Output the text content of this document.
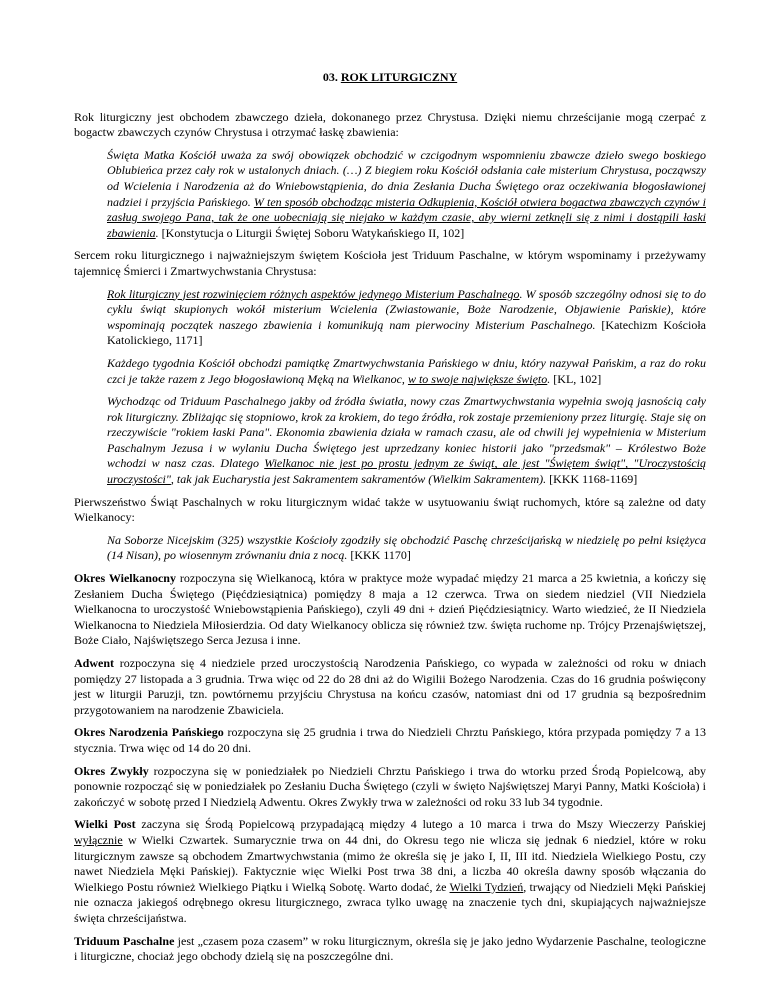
03. ROK LITURGICZNY

Rok liturgiczny jest obchodem zbawczego dzieła, dokonanego przez Chrystusa. Dzięki niemu chrześcijanie mogą czerpać z bogactw zbawczych czynów Chrystusa i otrzymać łaskę zbawienia:

Święta Matka Kościół uważa za swój obowiązek obchodzić w czcigodnym wspomnieniu zbawcze dzieło swego boskiego Oblubieńca przez cały rok w ustalonych dniach. (…) Z biegiem roku Kościół odsłania całe misterium Chrystusa, począwszy od Wcielenia i Narodzenia aż do Wniebowstąpienia, do dnia Zesłania Ducha Świętego oraz oczekiwania błogosławionej nadziei i przyjścia Pańskiego. W ten sposób obchodząc misteria Odkupienia, Kościół otwiera bogactwa zbawczych czynów i zasług swojego Pana, tak że one uobecniają się niejako w każdym czasie, aby wierni zetknęli się z nimi i dostąpili łaski zbawienia. [Konstytucja o Liturgii Świętej Soboru Watykańskiego II, 102]

Sercem roku liturgicznego i najważniejszym świętem Kościoła jest Triduum Paschalne, w którym wspominamy i przeżywamy tajemnicę Śmierci i Zmartwychwstania Chrystusa:

Rok liturgiczny jest rozwinięciem różnych aspektów jedynego Misterium Paschalnego. W sposób szczególny odnosi się to do cyklu świąt skupionych wokół misterium Wcielenia (Zwiastowanie, Boże Narodzenie, Objawienie Pańskie), które wspominają początek naszego zbawienia i komunikują nam pierwociny Misterium Paschalnego. [Katechizm Kościoła Katolickiego, 1171]

Każdego tygodnia Kościół obchodzi pamiątkę Zmartwychwstania Pańskiego w dniu, który nazywał Pańskim, a raz do roku czci je także razem z Jego błogosławioną Męką na Wielkanoc, w to swoje największe święto. [KL, 102]

Wychodząc od Triduum Paschalnego jakby od źródła światła, nowy czas Zmartwychwstania wypełnia swoją jasnością cały rok liturgiczny. Zbliżając się stopniowo, krok za krokiem, do tego źródła, rok zostaje przemieniony przez liturgię. Staje się on rzeczywiście "rokiem łaski Pana". Ekonomia zbawienia działa w ramach czasu, ale od chwili jej wypełnienia w Misterium Paschalnym Jezusa i w wylaniu Ducha Świętego jest uprzedzany koniec historii jako "przedsmak" – Królestwo Boże wchodzi w nasz czas. Dlatego Wielkanoc nie jest po prostu jednym ze świąt, ale jest "Świętem świąt", "Uroczystością uroczystości", tak jak Eucharystia jest Sakramentem sakramentów (Wielkim Sakramentem). [KKK 1168-1169]

Pierwszeństwo Świąt Paschalnych w roku liturgicznym widać także w usytuowaniu świąt ruchomych, które są zależne od daty Wielkanocy:

Na Soborze Nicejskim (325) wszystkie Kościoły zgodziły się obchodzić Paschę chrześcijańską w niedzielę po pełni księżyca (14 Nisan), po wiosennym zrównaniu dnia z nocą. [KKK 1170]

Okres Wielkanocny rozpoczyna się Wielkanocą, która w praktyce może wypadać między 21 marca a 25 kwietnia, a kończy się Zesłaniem Ducha Świętego (Pięćdziesiątnica) pomiędzy 8 maja a 12 czerwca. Trwa on siedem niedziel (VII Niedziela Wielkanocna to uroczystość Wniebowstąpienia Pańskiego), czyli 49 dni + dzień Pięćdziesiątnicy. Warto wiedzieć, że II Niedziela Wielkanocna to Niedziela Miłosierdzia. Od daty Wielkanocy oblicza się również tzw. święta ruchome np. Trójcy Przenajświętszej, Boże Ciało, Najświętszego Serca Jezusa i inne.

Adwent rozpoczyna się 4 niedziele przed uroczystością Narodzenia Pańskiego, co wypada w zależności od roku w dniach pomiędzy 27 listopada a 3 grudnia. Trwa więc od 22 do 28 dni aż do Wigilii Bożego Narodzenia. Czas do 16 grudnia poświęcony jest w liturgii Paruzji, tzn. powtórnemu przyjściu Chrystusa na końcu czasów, natomiast dni od 17 grudnia są bezpośrednim przygotowaniem na narodzenie Zbawiciela.

Okres Narodzenia Pańskiego rozpoczyna się 25 grudnia i trwa do Niedzieli Chrztu Pańskiego, która przypada pomiędzy 7 a 13 stycznia. Trwa więc od 14 do 20 dni.

Okres Zwykły rozpoczyna się w poniedziałek po Niedzieli Chrztu Pańskiego i trwa do wtorku przed Środą Popielcową, aby ponownie rozpocząć się w poniedziałek po Zesłaniu Ducha Świętego (czyli w święto Najświętszej Maryi Panny, Matki Kościoła) i zakończyć w sobotę przed I Niedzielą Adwentu. Okres Zwykły trwa w zależności od roku 33 lub 34 tygodnie.

Wielki Post zaczyna się Środą Popielcową przypadającą między 4 lutego a 10 marca i trwa do Mszy Wieczerzy Pańskiej wyłącznie w Wielki Czwartek. Sumarycznie trwa on 44 dni, do Okresu tego nie wlicza się jednak 6 niedziel, które w roku liturgicznym zawsze są obchodem Zmartwychwstania (mimo że określa się je jako I, II, III itd. Niedziela Wielkiego Postu, czy nawet Niedziela Męki Pańskiej). Faktycznie więc Wielki Post trwa 38 dni, a liczba 40 określa dawny sposób włączania do Wielkiego Postu również Wielkiego Piątku i Wielką Sobotę. Warto dodać, że Wielki Tydzień, trwający od Niedzieli Męki Pańskiej nie oznacza jakiegoś odrębnego okresu liturgicznego, zwraca tylko uwagę na znaczenie tych dni, skupiających najważniejsze święta chrześcijaństwa.

Triduum Paschalne jest „czasem poza czasem” w roku liturgicznym, określa się je jako jedno Wydarzenie Paschalne, teologiczne i liturgiczne, chociaż jego obchody dzielą się na poszczególne dni.
